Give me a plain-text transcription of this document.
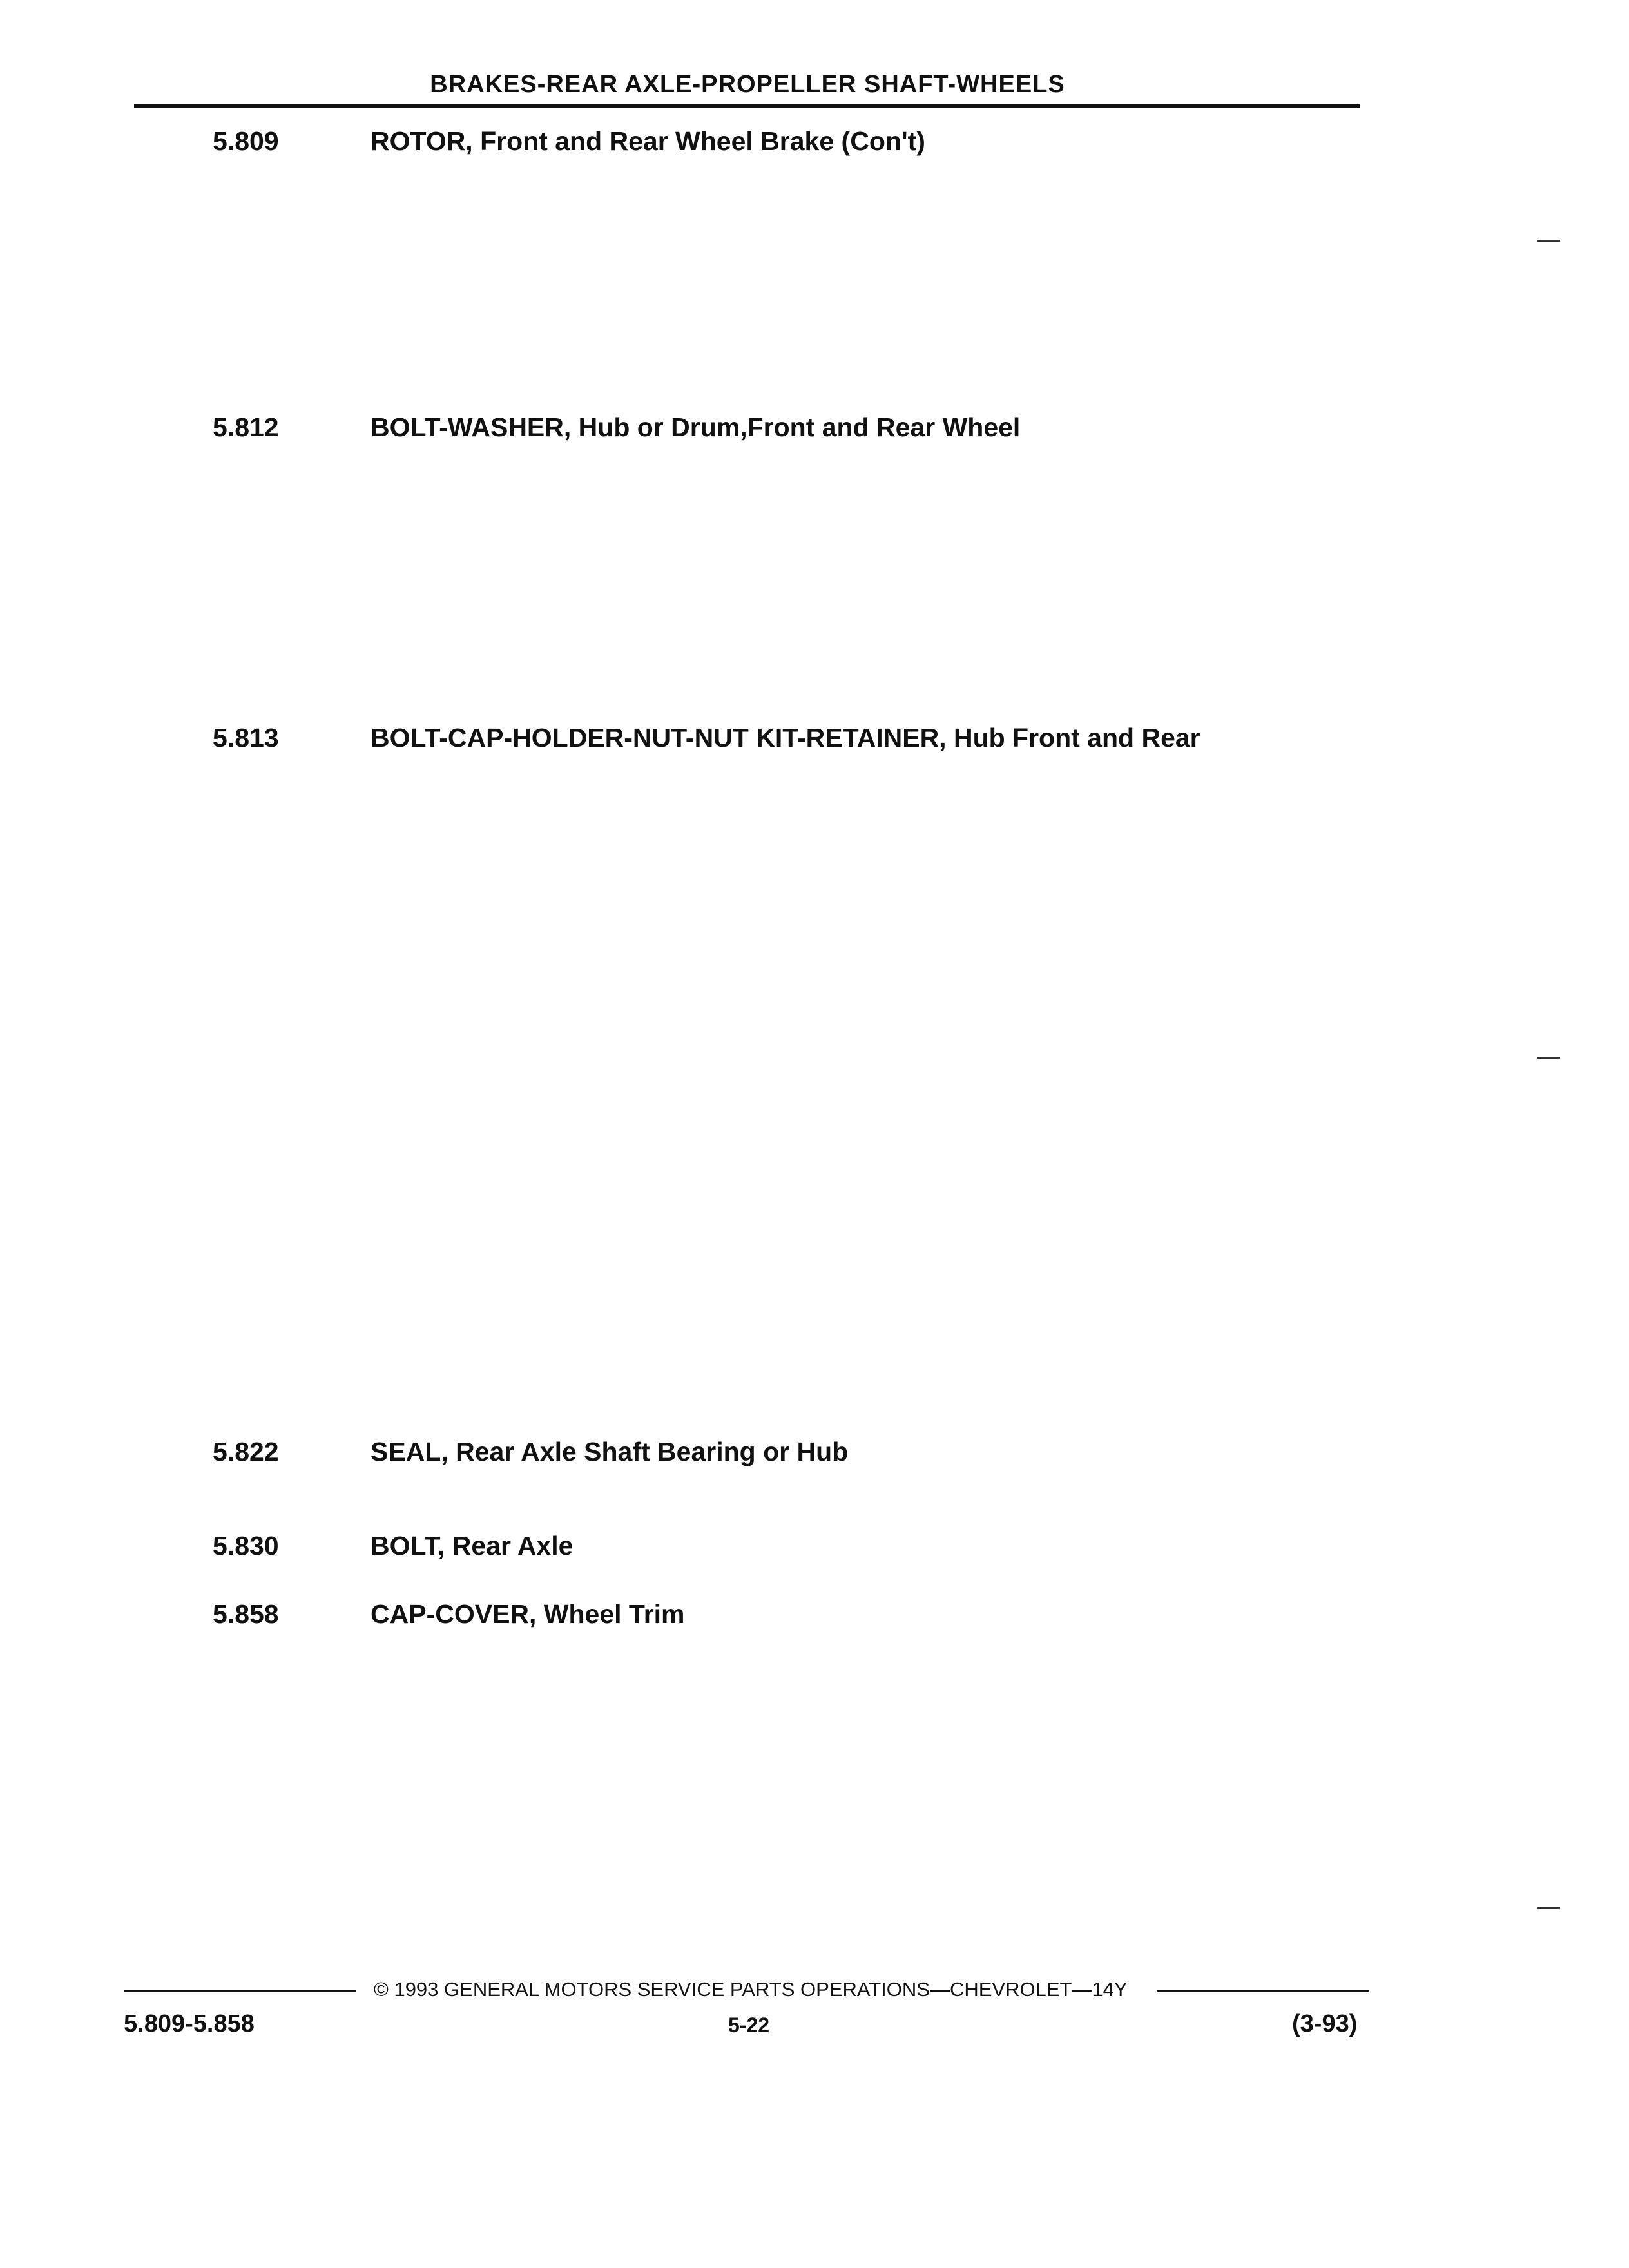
BRAKES-REAR AXLE-PROPELLER SHAFT-WHEELS
5.809	ROTOR, Front and Rear Wheel Brake (Con't)
5.812	BOLT-WASHER, Hub or Drum,Front and Rear Wheel
5.813	BOLT-CAP-HOLDER-NUT-NUT KIT-RETAINER, Hub Front and Rear
5.822	SEAL, Rear Axle Shaft Bearing or Hub
5.830	BOLT, Rear Axle
5.858	CAP-COVER, Wheel Trim
© 1993 GENERAL MOTORS SERVICE PARTS OPERATIONS—CHEVROLET—14Y
5.809-5.858	5-22	(3-93)
